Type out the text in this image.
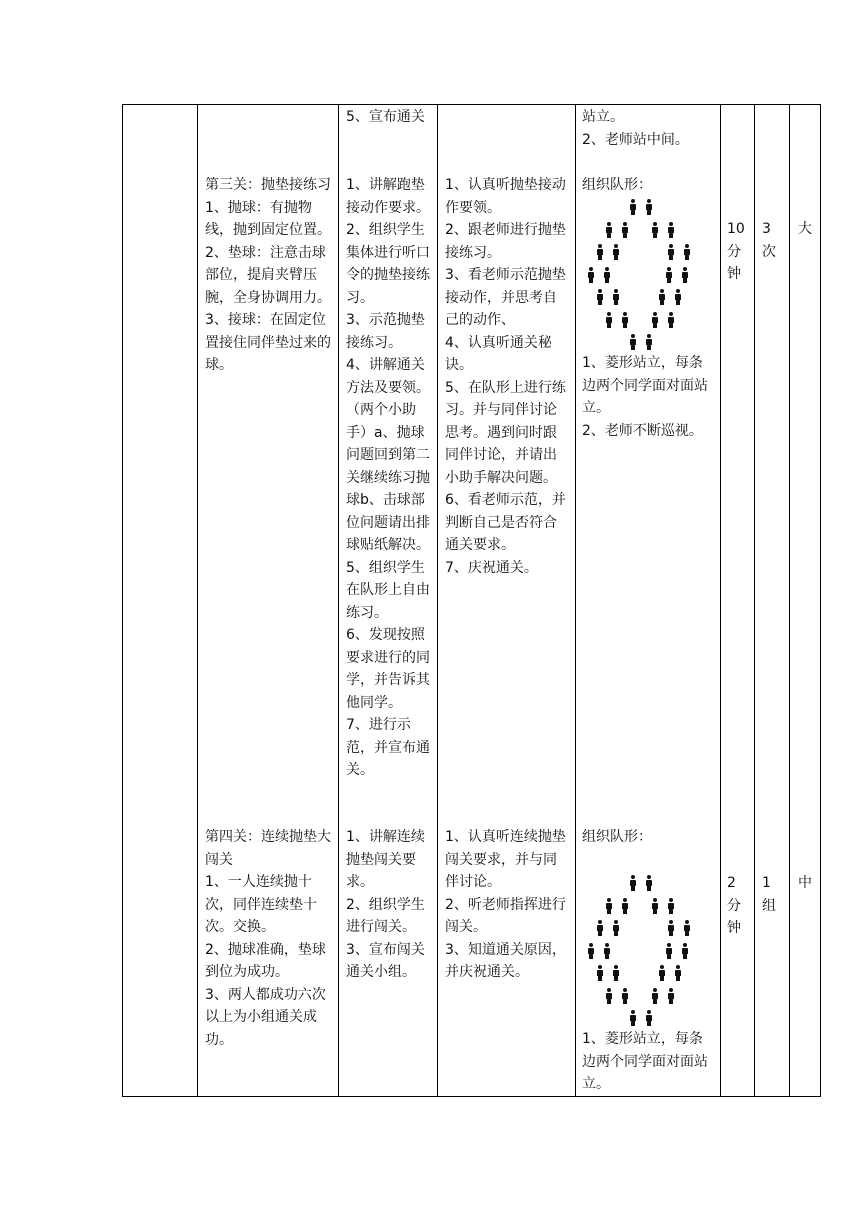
5、宣布通关	站立。
2、老师站中间。
第三关：抛垫接练习
1、抛球：有抛物线，抛到固定位置。
2、垫球：注意击球部位，提肩夹臂压腕，全身协调用力。
3、接球：在固定位置接住同伴垫过来的球。
1、讲解跑垫接动作要求。
2、组织学生集体进行听口令的抛垫接练习。
3、示范抛垫接练习。
4、讲解通关方法及要领。（两个小助手）a、抛球问题回到第二关继续练习抛球b、击球部位问题请出排球贴纸解决。
5、组织学生在队形上自由练习。
6、发现按照要求进行的同学，并告诉其他同学。
7、进行示范，并宣布通关。
1、认真听抛垫接动作要领。
2、跟老师进行抛垫接练习。
3、看老师示范抛垫接动作，并思考自己的动作、
4、认真听通关秘诀。
5、在队形上进行练习。并与同伴讨论思考。遇到问时跟同伴讨论，并请出小助手解决问题。
6、看老师示范，并判断自己是否符合通关要求。
7、庆祝通关。
组织队形：
1、菱形站立，每条边两个同学面对面站立。
2、老师不断巡视。
10
分
钟
3
次
大
第四关：连续抛垫大闯关
1、一人连续抛十次，同伴连续垫十次。交换。
2、抛球准确，垫球到位为成功。
3、两人都成功六次以上为小组通关成功。
1、讲解连续抛垫闯关要求。
2、组织学生进行闯关。
3、宣布闯关通关小组。
1、认真听连续抛垫闯关要求，并与同伴讨论。
2、听老师指挥进行闯关。
3、知道通关原因，并庆祝通关。
组织队形：
1、菱形站立，每条边两个同学面对面站立。
2
分
钟
1
组
中
